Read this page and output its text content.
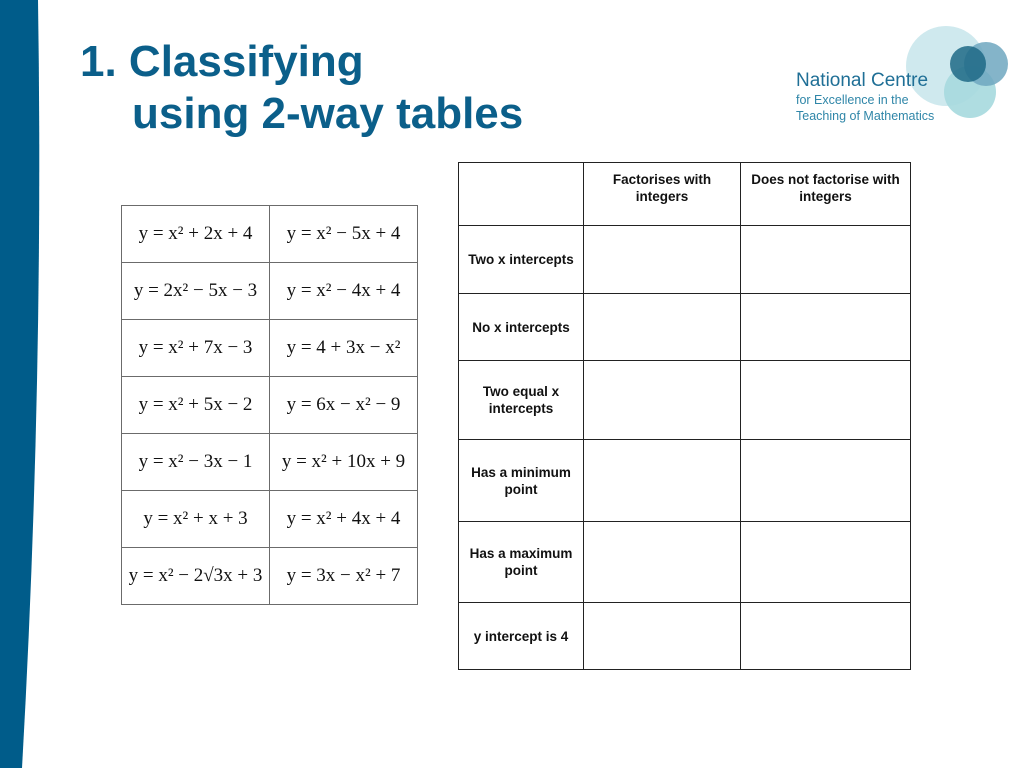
1. Classifying
using 2-way tables
National Centre
for Excellence in the
Teaching of Mathematics
y = x² + 2x + 4	y = x² − 5x + 4
y = 2x² − 5x − 3	y = x² − 4x + 4
y = x² + 7x − 3	y = 4 + 3x − x²
y = x² + 5x − 2	y = 6x − x² − 9
y = x² − 3x − 1	y = x² + 10x + 9
y = x² + x + 3	y = x² + 4x + 4
y = x² − 2√3x + 3	y = 3x − x² + 7
	Factorises with integers	Does not factorise with integers
Two x intercepts		
No x intercepts		
Two equal x intercepts		
Has a minimum point		
Has a maximum point		
y intercept is 4		
